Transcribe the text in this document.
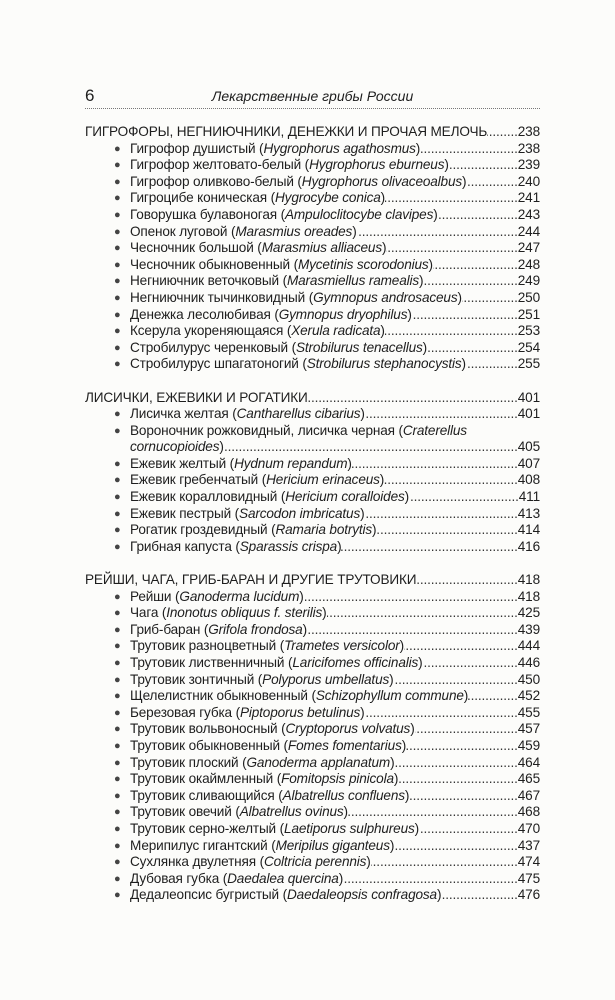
6	Лекарственные грибы России
ГИГРОФОРЫ, НЕГНИЮЧНИКИ, ДЕНЕЖКИ И ПРОЧАЯ МЕЛОЧЬ ..... 238
● Гигрофор душистый (Hygrophorus agathosmus) .....	238
● Гигрофор желтовато-белый (Hygrophorus eburneus) .....	239
● Гигрофор оливково-белый (Hygrophorus olivaceoalbus) .....	240
● Гигроцибе коническая (Hygrocybe conica) .....	241
● Говорушка булавоногая (Ampuloclitocybe clavipes) .....	243
● Опенок луговой (Marasmius oreades) .....	244
● Чесночник большой (Marasmius alliaceus) .....	247
● Чесночник обыкновенный (Mycetinis scorodonius) .....	248
● Негниючник веточковый (Marasmiellus ramealis) .....	249
● Негниючник тычинковидный (Gymnopus androsaceus) .....	250
● Денежка лесолюбивая (Gymnopus dryophilus) .....	251
● Ксерула укореняющаяся (Xerula radicata) .....	253
● Стробилурус черенковый (Strobilurus tenacellus) .....	254
● Стробилурус шпагатоногий (Strobilurus stephanocystis) .....	255
ЛИСИЧКИ, ЕЖЕВИКИ И РОГАТИКИ .....	401
● Лисичка желтая (Cantharellus cibarius) .....	401
● Вороночник рожковидный, лисичка черная (Craterellus
cornucopioides) .....	405
● Ежевик желтый (Hydnum repandum) .....	407
● Ежевик гребенчатый (Hericium erinaceus) .....	408
● Ежевик коралловидный (Hericium coralloides) .....	411
● Ежевик пестрый (Sarcodon imbricatus) .....	413
● Рогатик гроздевидный (Ramaria botrytis) .....	414
● Грибная капуста (Sparassis crispa) .....	416
РЕЙШИ, ЧАГА, ГРИБ-БАРАН И ДРУГИЕ ТРУТОВИКИ .....	418
● Рейши (Ganoderma lucidum) .....	418
● Чага (Inonotus obliquus f. sterilis) .....	425
● Гриб-баран (Grifola frondosa) .....	439
● Трутовик разноцветный (Trametes versicolor) .....	444
● Трутовик лиственничный (Laricifomes officinalis) .....	446
● Трутовик зонтичный (Polyporus umbellatus) .....	450
● Щелелистник обыкновенный (Schizophyllum commune) .....	452
● Березовая губка (Piptoporus betulinus) .....	455
● Трутовик вольвоносный (Cryptoporus volvatus) .....	457
● Трутовик обыкновенный (Fomes fomentarius) .....	459
● Трутовик плоский (Ganoderma applanatum) .....	464
● Трутовик окаймленный (Fomitopsis pinicola) .....	465
● Трутовик сливающийся (Albatrellus confluens) .....	467
● Трутовик овечий (Albatrellus ovinus) .....	468
● Трутовик серно-желтый (Laetiporus sulphureus) .....	470
● Мерипилус гигантский (Meripilus giganteus) .....	437
● Сухлянка двулетняя (Coltricia perennis) .....	474
● Дубовая губка (Daedalea quercina) .....	475
● Дедалеопсис бугристый (Daedaleopsis confragosa) .....	476
